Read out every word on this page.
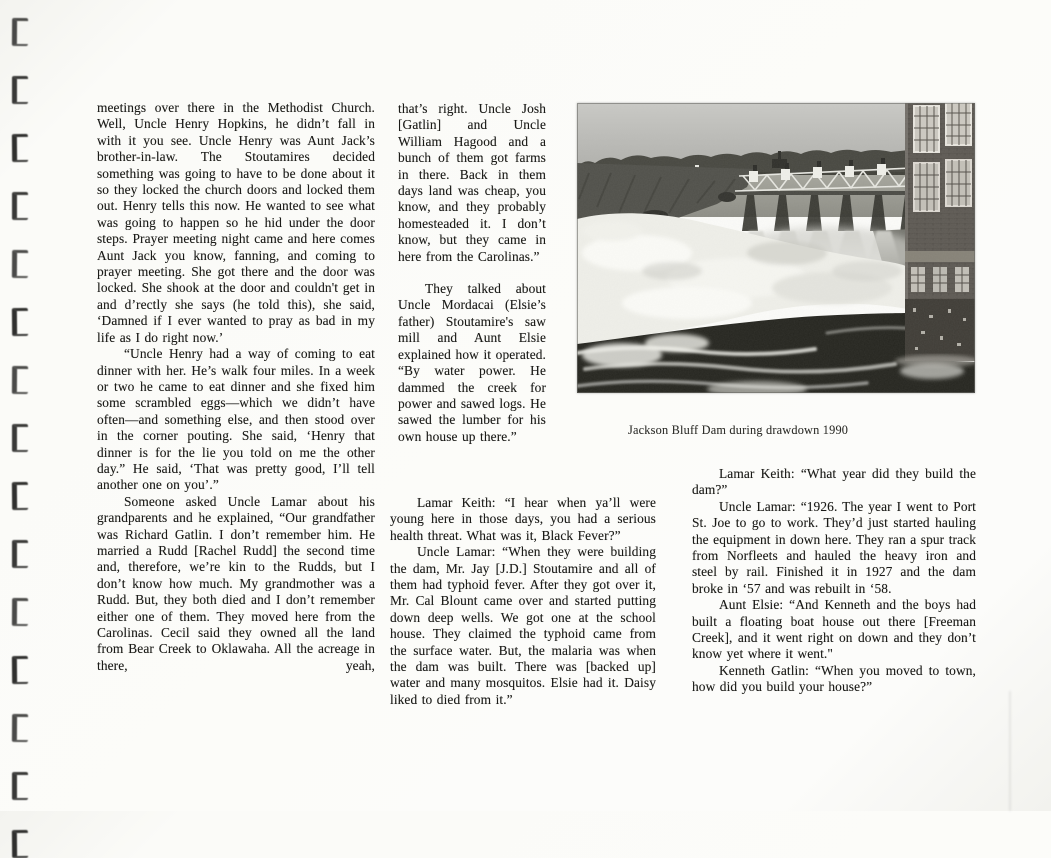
meetings over there in the Methodist Church. Well, Uncle Henry Hopkins, he didn’t fall in with it you see. Uncle Henry was Aunt Jack’s brother-in-law. The Stoutamires decided something was going to have to be done about it so they locked the church doors and locked them out. Henry tells this now. He wanted to see what was going to happen so he hid under the door steps. Prayer meeting night came and here comes Aunt Jack you know, fanning, and coming to prayer meeting. She got there and the door was locked. She shook at the door and couldn't get in and d’rectly she says (he told this), she said, ‘Damned if I ever wanted to pray as bad in my life as I do right now.’

“Uncle Henry had a way of coming to eat dinner with her. He’s walk four miles. In a week or two he came to eat dinner and she fixed him some scrambled eggs—which we didn’t have often—and something else, and then stood over in the corner pouting. She said, ‘Henry that dinner is for the lie you told on me the other day.” He said, ‘That was pretty good, I’ll tell another one on you’.”

Someone asked Uncle Lamar about his grandparents and he explained, “Our grandfather was Richard Gatlin. I don’t remember him. He married a Rudd [Rachel Rudd] the second time and, therefore, we’re kin to the Rudds, but I don’t know how much. My grandmother was a Rudd. But, they both died and I don’t remember either one of them. They moved here from the Carolinas. Cecil said they owned all the land from Bear Creek to Oklawaha. All the acreage in there, yeah,

that’s right. Uncle Josh [Gatlin] and Uncle William Hagood and a bunch of them got farms in there. Back in them days land was cheap, you know, and they probably homesteaded it. I don’t know, but they came in here from the Carolinas.”

They talked about Uncle Mordacai (Elsie’s father) Stoutamire's saw mill and Aunt Elsie explained how it operated. “By water power. He dammed the creek for power and sawed logs. He sawed the lumber for his own house up there.”

Lamar Keith: “I hear when ya’ll were young here in those days, you had a serious health threat. What was it, Black Fever?”

Uncle Lamar: “When they were building the dam, Mr. Jay [J.D.] Stoutamire and all of them had typhoid fever. After they got over it, Mr. Cal Blount came over and started putting down deep wells. We got one at the school house. They claimed the typhoid came from the surface water. But, the malaria was when the dam was built. There was [backed up] water and many mosquitos. Elsie had it. Daisy liked to died from it.”

Lamar Keith: “What year did they build the dam?”

Uncle Lamar: “1926. The year I went to Port St. Joe to go to work. They’d just started hauling the equipment in down here. They ran a spur track from Norfleets and hauled the heavy iron and steel by rail. Finished it in 1927 and the dam broke in ‘57 and was rebuilt in ‘58.

Aunt Elsie: “And Kenneth and the boys had built a floating boat house out there [Freeman Creek], and it went right on down and they don’t know yet where it went."

Kenneth Gatlin: “When you moved to town, how did you build your house?”

Jackson Bluff Dam during drawdown 1990
